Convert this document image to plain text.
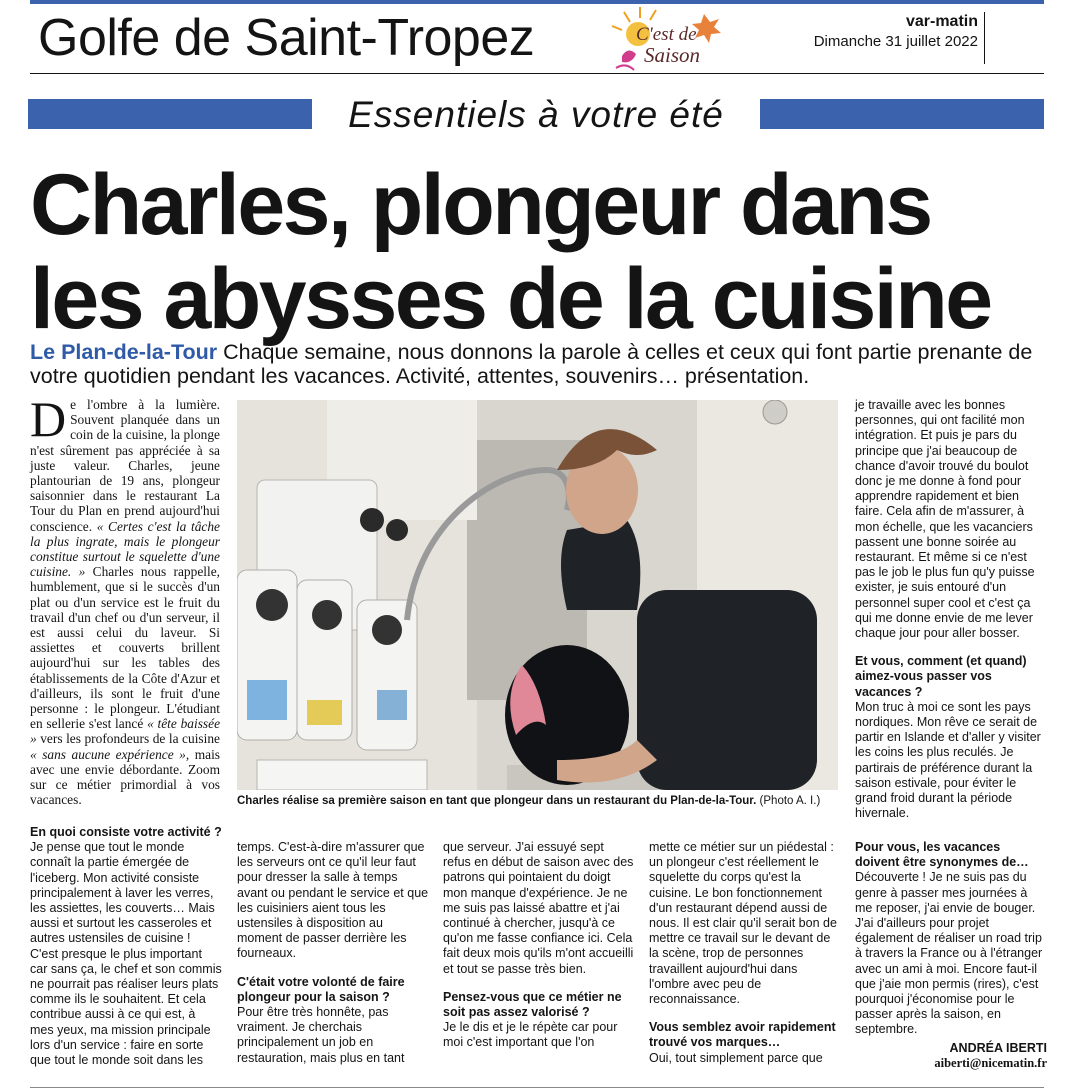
Golfe de Saint-Tropez	C'est de
Saison
var-matin
Dimanche 31 juillet 2022
Essentiels à votre été
Charles, plongeur dans
les abysses de la cuisine
Le Plan-de-la-Tour Chaque semaine, nous donnons la parole à celles et ceux qui font partie prenante de votre quotidien pendant les vacances. Activité, attentes, souvenirs… présentation.
De l'ombre à la lumière. Souvent planquée dans un coin de la cuisine, la plonge n'est sûrement pas appréciée à sa juste valeur. Charles, jeune plantourian de 19 ans, plongeur saisonnier dans le restaurant La Tour du Plan en prend aujourd'hui conscience. « Certes c'est la tâche la plus ingrate, mais le plongeur constitue surtout le squelette d'une cuisine. » Charles nous rappelle, humblement, que si le succès d'un plat ou d'un service est le fruit du travail d'un chef ou d'un serveur, il est aussi celui du laveur. Si assiettes et couverts brillent aujourd'hui sur les tables des établissements de la Côte d'Azur et d'ailleurs, ils sont le fruit d'une personne : le plongeur. L'étudiant en sellerie s'est lancé « tête baissée » vers les profondeurs de la cuisine « sans aucune expérience », mais avec une envie débordante. Zoom sur ce métier primordial à vos vacances.	Charles réalise sa première saison en tant que plongeur dans un restaurant du Plan-de-la-Tour. (Photo A. I.)

je travaille avec les bonnes personnes, qui ont facilité mon intégration. Et puis je pars du principe que j'ai beaucoup de chance d'avoir trouvé du boulot donc je me donne à fond pour apprendre rapidement et bien faire. Cela afin de m'assurer, à mon échelle, que les vacanciers passent une bonne soirée au restaurant. Et même si ce n'est pas le job le plus fun qu'y puisse exister, je suis entouré d'un personnel super cool et c'est ça qui me donne envie de me lever chaque jour pour aller bosser.

Et vous, comment (et quand) aimez-vous passer vos vacances ?

Mon truc à moi ce sont les pays nordiques. Mon rêve ce serait de partir en Islande et d'aller y visiter les coins les plus reculés. Je partirais de préférence durant la saison estivale, pour éviter le grand froid durant la période hivernale.

En quoi consiste votre activité ?

Je pense que tout le monde connaît la partie émergée de l'iceberg. Mon activité consiste principalement à laver les verres, les assiettes, les couverts… Mais aussi et surtout les casseroles et autres ustensiles de cuisine ! C'est presque le plus important car sans ça, le chef et son commis ne pourrait pas réaliser leurs plats comme ils le souhaitent. Et cela contribue aussi à ce qui est, à mes yeux, ma mission principale lors d'un service : faire en sorte que tout le monde soit dans les

temps. C'est-à-dire m'assurer que les serveurs ont ce qu'il leur faut pour dresser la salle à temps avant ou pendant le service et que les cuisiniers aient tous les ustensiles à disposition au moment de passer derrière les fourneaux.

C'était votre volonté de faire plongeur pour la saison ?

Pour être très honnête, pas vraiment. Je cherchais principalement un job en restauration, mais plus en tant

que serveur. J'ai essuyé sept refus en début de saison avec des patrons qui pointaient du doigt mon manque d'expérience. Je ne me suis pas laissé abattre et j'ai continué à chercher, jusqu'à ce qu'on me fasse confiance ici. Cela fait deux mois qu'ils m'ont accueilli et tout se passe très bien.

Pensez-vous que ce métier ne soit pas assez valorisé ?

Je le dis et je le répète car pour moi c'est important que l'on

mette ce métier sur un piédestal : un plongeur c'est réellement le squelette du corps qu'est la cuisine. Le bon fonctionnement d'un restaurant dépend aussi de nous. Il est clair qu'il serait bon de mettre ce travail sur le devant de la scène, trop de personnes travaillent aujourd'hui dans l'ombre avec peu de reconnaissance.

Vous semblez avoir rapidement trouvé vos marques…

Oui, tout simplement parce que

Pour vous, les vacances doivent être synonymes de…

Découverte ! Je ne suis pas du genre à passer mes journées à me reposer, j'ai envie de bouger. J'ai d'ailleurs pour projet également de réaliser un road trip à travers la France ou à l'étranger avec un ami à moi. Encore faut-il que j'aie mon permis (rires), c'est pourquoi j'économise pour le passer après la saison, en septembre.

ANDRÉA IBERTI

aiberti@nicematin.fr
